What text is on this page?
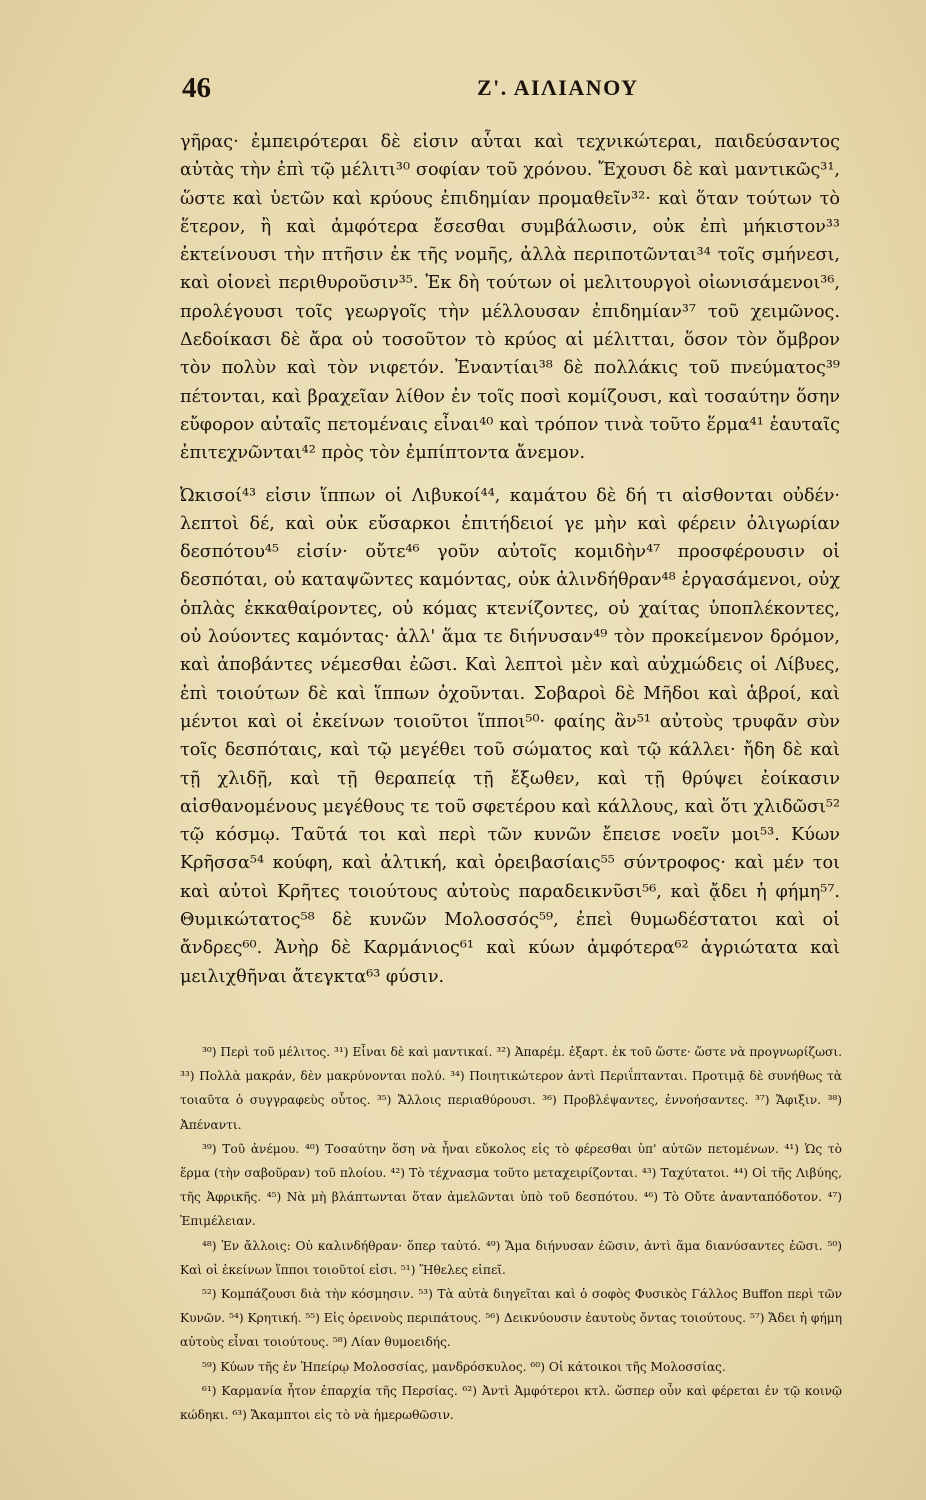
46	Ζ'. ΑΙΛΙΑΝΟΥ

γῆρας· ἐμπειρότεραι δὲ εἰσιν αὗται καὶ τεχνικώτεραι, παιδεύσαντος αὐτὰς τὴν ἐπὶ τῷ μέλιτι³⁰ σοφίαν τοῦ χρόνου. Ἔχουσι δὲ καὶ μαντικῶς³¹, ὥστε καὶ ὑετῶν καὶ κρύους ἐπιδημίαν προμαθεῖν³²· καὶ ὅταν τούτων τὸ ἕτερον, ἢ καὶ ἀμφότερα ἔσεσθαι συμβάλωσιν, οὐκ ἐπὶ μήκιστον³³ ἐκτείνουσι τὴν πτῆσιν ἐκ τῆς νομῆς, ἀλλὰ περιποτῶνται³⁴ τοῖς σμήνεσι, καὶ οἱονεὶ περιθυροῦσιν³⁵. Ἐκ δὴ τούτων οἱ μελιτουργοὶ οἰωνισάμενοι³⁶, προλέγουσι τοῖς γεωργοῖς τὴν μέλλουσαν ἐπιδημίαν³⁷ τοῦ χειμῶνος. Δεδοίκασι δὲ ἄρα οὐ τοσοῦτον τὸ κρύος αἱ μέλιτται, ὅσον τὸν ὄμβρον τὸν πολὺν καὶ τὸν νιφετόν. Ἐναντίαι³⁸ δὲ πολλάκις τοῦ πνεύματος³⁹ πέτονται, καὶ βραχεῖαν λίθον ἐν τοῖς ποσὶ κομίζουσι, καὶ τοσαύτην ὅσην εὔφορον αὐταῖς πετομέναις εἶναι⁴⁰ καὶ τρόπον τινὰ τοῦτο ἕρμα⁴¹ ἑαυταῖς ἐπιτεχνῶνται⁴² πρὸς τὸν ἐμπίπτοντα ἄνεμον.

Ὠκισοί⁴³ εἰσιν ἵππων οἱ Λιβυκοί⁴⁴, καμάτου δὲ δή τι αἰσθονται οὐδέν· λεπτοὶ δέ, καὶ οὐκ εὔσαρκοι ἐπιτήδειοί γε μὴν καὶ φέρειν ὀλιγωρίαν δεσπότου⁴⁵ εἰσίν· οὔτε⁴⁶ γοῦν αὐτοῖς κομιδὴν⁴⁷ προσφέρουσιν οἱ δεσπόται, οὐ καταψῶντες καμόντας, οὐκ ἀλινδήθραν⁴⁸ ἐργασάμενοι, οὐχ ὁπλὰς ἐκκαθαίροντες, οὐ κόμας κτενίζοντες, οὐ χαίτας ὑποπλέκοντες, οὐ λούοντες καμόντας· ἀλλ' ἅμα τε διήνυσαν⁴⁹ τὸν προκείμενον δρόμον, καὶ ἀποβάντες νέμεσθαι ἐῶσι. Καὶ λεπτοὶ μὲν καὶ αὐχμώδεις οἱ Λίβυες, ἐπὶ τοιούτων δὲ καὶ ἵππων ὀχοῦνται. Σοβαροὶ δὲ Μῆδοι καὶ ἁβροί, καὶ μέντοι καὶ οἱ ἐκείνων τοιοῦτοι ἵπποι⁵⁰· φαίης ἂν⁵¹ αὐτοὺς τρυφᾶν σὺν τοῖς δεσπόταις, καὶ τῷ μεγέθει τοῦ σώματος καὶ τῷ κάλλει· ἤδη δὲ καὶ τῇ χλιδῇ, καὶ τῇ θεραπείᾳ τῇ ἔξωθεν, καὶ τῇ θρύψει ἐοίκασιν αἰσθανομένους μεγέθους τε τοῦ σφετέρου καὶ κάλλους, καὶ ὅτι χλιδῶσι⁵² τῷ κόσμῳ. Ταῦτά τοι καὶ περὶ τῶν κυνῶν ἔπεισε νοεῖν μοι⁵³. Κύων Κρῆσσα⁵⁴ κούφη, καὶ ἀλτική, καὶ ὀρειβασίαις⁵⁵ σύντροφος· καὶ μέν τοι καὶ αὐτοὶ Κρῆτες τοιούτους αὐτοὺς παραδεικνῦσι⁵⁶, καὶ ᾄδει ἡ φήμη⁵⁷. Θυμικώτατος⁵⁸ δὲ κυνῶν Μολοσσός⁵⁹, ἐπεὶ θυμωδέστατοι καὶ οἱ ἄνδρες⁶⁰. Ἀνὴρ δὲ Καρμάνιος⁶¹ καὶ κύων ἀμφότερα⁶² ἀγριώτατα καὶ μειλιχθῆναι ἄτεγκτα⁶³ φύσιν.

³⁰) Περὶ τοῦ μέλιτος. ³¹) Εἶναι δὲ καὶ μαντικαί. ³²) Ἀπαρέμ. ἐξαρτ. ἐκ τοῦ ὥστε· ὥστε νὰ προγνωρίζωσι. ³³) Πολλὰ μακράν, δὲν μακρύνονται πολύ. ³⁴) Ποιητικώτερον ἀντὶ Περιΐπτανται. Προτιμᾷ δὲ συνήθως τὰ τοιαῦτα ὁ συγγραφεὺς οὗτος. ³⁵) Ἄλλοις περιαθύρουσι. ³⁶) Προβλέψαντες, ἐννοήσαντες. ³⁷) Ἄφιξιν. ³⁸) Ἀπέναντι.

³⁹) Τοῦ ἀνέμου. ⁴⁰) Τοσαύτην ὅση νὰ ἦναι εὔκολος εἰς τὸ φέρεσθαι ὑπ' αὐτῶν πετομένων. ⁴¹) Ὡς τὸ ἕρμα (τὴν σαβοῦραν) τοῦ πλοίου. ⁴²) Τὸ τέχνασμα τοῦτο μεταχειρίζονται. ⁴³) Ταχύτατοι. ⁴⁴) Οἱ τῆς Λιβύης, τῆς Ἀφρικῆς. ⁴⁵) Νὰ μὴ βλάπτωνται ὅταν ἀμελῶνται ὑπὸ τοῦ δεσπότου. ⁴⁶) Τὸ Οὔτε ἀνανταπόδοτον. ⁴⁷) Ἐπιμέλειαν.

⁴⁸) Ἐν ἄλλοις: Οὐ καλινδήθραν· ὅπερ ταὐτό. ⁴⁹) Ἅμα διήνυσαν ἐῶσιν, ἀντὶ ἅμα διανύσαντες ἐῶσι. ⁵⁰) Καὶ οἱ ἐκείνων ἵπποι τοιοῦτοί εἰσι. ⁵¹) Ἤθελες εἰπεῖ.

⁵²) Κομπάζουσι διὰ τὴν κόσμησιν. ⁵³) Τὰ αὐτὰ διηγεῖται καὶ ὁ σοφὸς Φυσικὸς Γάλλος Buffon περὶ τῶν Κυνῶν. ⁵⁴) Κρητική. ⁵⁵) Εἰς ὀρεινοὺς περιπάτους. ⁵⁶) Δεικνύουσιν ἑαυτοὺς ὄντας τοιούτους. ⁵⁷) Ἄδει ἡ φήμη αὐτοὺς εἶναι τοιούτους. ⁵⁸) Λίαν θυμοειδής.

⁵⁹) Κύων τῆς ἐν Ἠπείρῳ Μολοσσίας, μανδρόσκυλος. ⁶⁰) Οἱ κάτοικοι τῆς Μολοσσίας.

⁶¹) Καρμανία ἦτον ἐπαρχία τῆς Περσίας. ⁶²) Ἀντὶ Ἀμφότεροι κτλ. ὥσπερ οὖν καὶ φέρεται ἐν τῷ κοινῷ κώδηκι. ⁶³) Ἄκαμπτοι εἰς τὸ νὰ ἡμερωθῶσιν.
